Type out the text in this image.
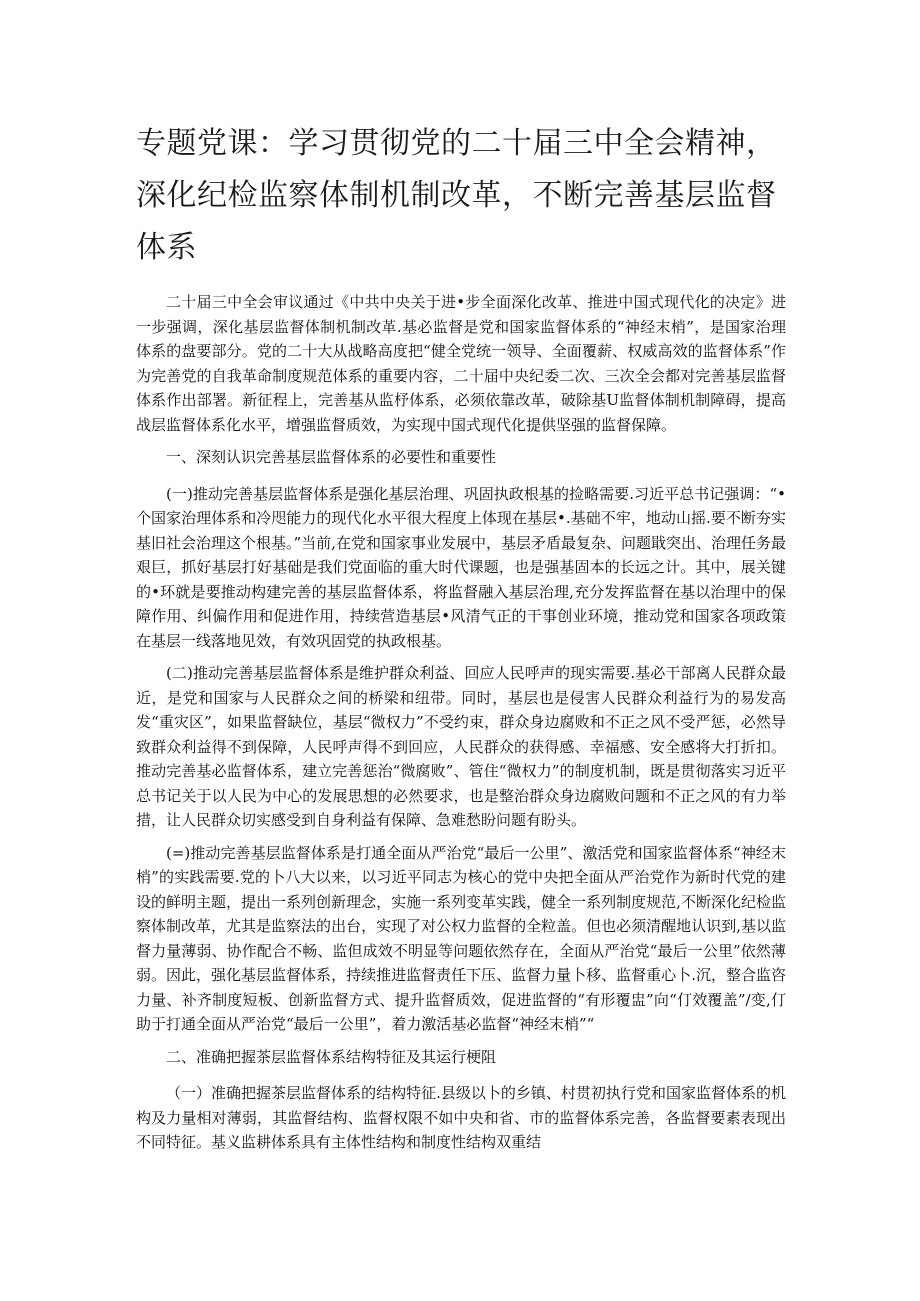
专题党课：学习贯彻党的二十届三中全会精神，深化纪检监察体制机制改革，不断完善基层监督体系

二十届三中全会审议通过《中共中央关于进•步全面深化改革、推进中国式现代化的决定》进一步强调，深化基层监督体制机制改革.基必监督是党和国家监督体系的“神经末梢”，是国家治理体系的盘要部分。党的二十大从战略高度把“健全党统一领导、全面覆薪、权威高效的监督体系”作为完善党的自我革命制度规范体系的重要内容，二十届中央纪委二次、三次全会都对完善基层监督体系作出部署。新征程上，完善基从监杼体系，必须依靠改革，破除基U监督体制机制障碍，提高战层监督体系化水平，增强监督质效，为实现中国式现代化提供坚强的监督保障。

一、深刻认识完善基层监督体系的必要性和重要性

(一)推动完善基层监督体系是强化基层治理、巩固执政根基的捡略需要.习近平总书记强调：“•个国家治理体系和冷咫能力的现代化水平很大程度上体现在基层•.基础不牢，地动山摇.要不断夯实基旧社会治理这个根基。”当前,在党和国家事业发展中，基层矛盾最复杂、问题戢突出、治理任务最艰巨，抓好基层打好基础是我们党面临的重大时代课题，也是强基固本的长远之计。其中，展关键的•环就是要推动构建完善的基层监督体系，将监督融入基层治理,充分发挥监督在基以治理中的保障作用、纠偏作用和促进作用，持续营造基层•风清气正的干事创业环境，推动党和国家各项政策在基层一线落地见效，有效巩固党的执政根基。

(二)推动完善基层监督体系是维护群众利益、回应人民呼声的现实需要.基必干部离人民群众最近，是党和国家与人民群众之间的桥梁和纽带。同时，基层也是侵害人民群众利益行为的易发高发“重灾区”，如果监督缺位，基层“微权力”不受约束，群众身边腐败和不正之风不受严惩，必然导致群众利益得不到保障，人民呼声得不到回应，人民群众的获得感、幸福感、安全感将大打折扣。推动完善基必监督体系，建立完善惩治“微腐败”、管住“微权力”的制度机制，既是贯彻落实习近平总书记关于以人民为中心的发展思想的必然要求，也是整治群众身边腐败问题和不正之风的有力举措，让人民群众切实感受到自身利益有保障、急难愁盼问题有盼头。

(=)推动完善基层监督体系是打通全面从严治党“最后一公里”、激活党和国家监督体系“神经末梢”的实践需要.党的卜八大以来，以习近平同志为核心的党中央把全面从严治党作为新时代党的建设的鲜明主题，提出一系列创新理念，实施一系列变革实践，健全一系列制度规范,不断深化纪检监察体制改革，尤其是监察法的出台，实现了对公权力监督的全粒盖。但也必须清醒地认识到,基以监督力量薄弱、协作配合不畅、监但成效不明显等问题依然存在，全面从严治党“最后一公里”依然薄弱。因此，强化基层监督体系，持续推进监督责任下压、监督力量卜移、监督重心卜.沉，整合监咨力量、补齐制度短板、创新监督方式、提升监督质效，促进监督的“有形覆盅”向“仃效覆盖”/变,仃助于打通全面从严治党“最后一公里”，着力激活基必监督“神经末梢”“

二、准确把握茶层监督体系结构特征及其运行梗阻

（一）准确把握茶层监督体系的结构特征.县级以卜的乡镇、村贯初执行党和国家监督体系的机构及力量相对薄弱，其监督结构、监督权限不如中央和省、市的监督体系完善，各监督要素表现出不同特征。基义监耕体系具有主体性结构和制度性结构双重结
